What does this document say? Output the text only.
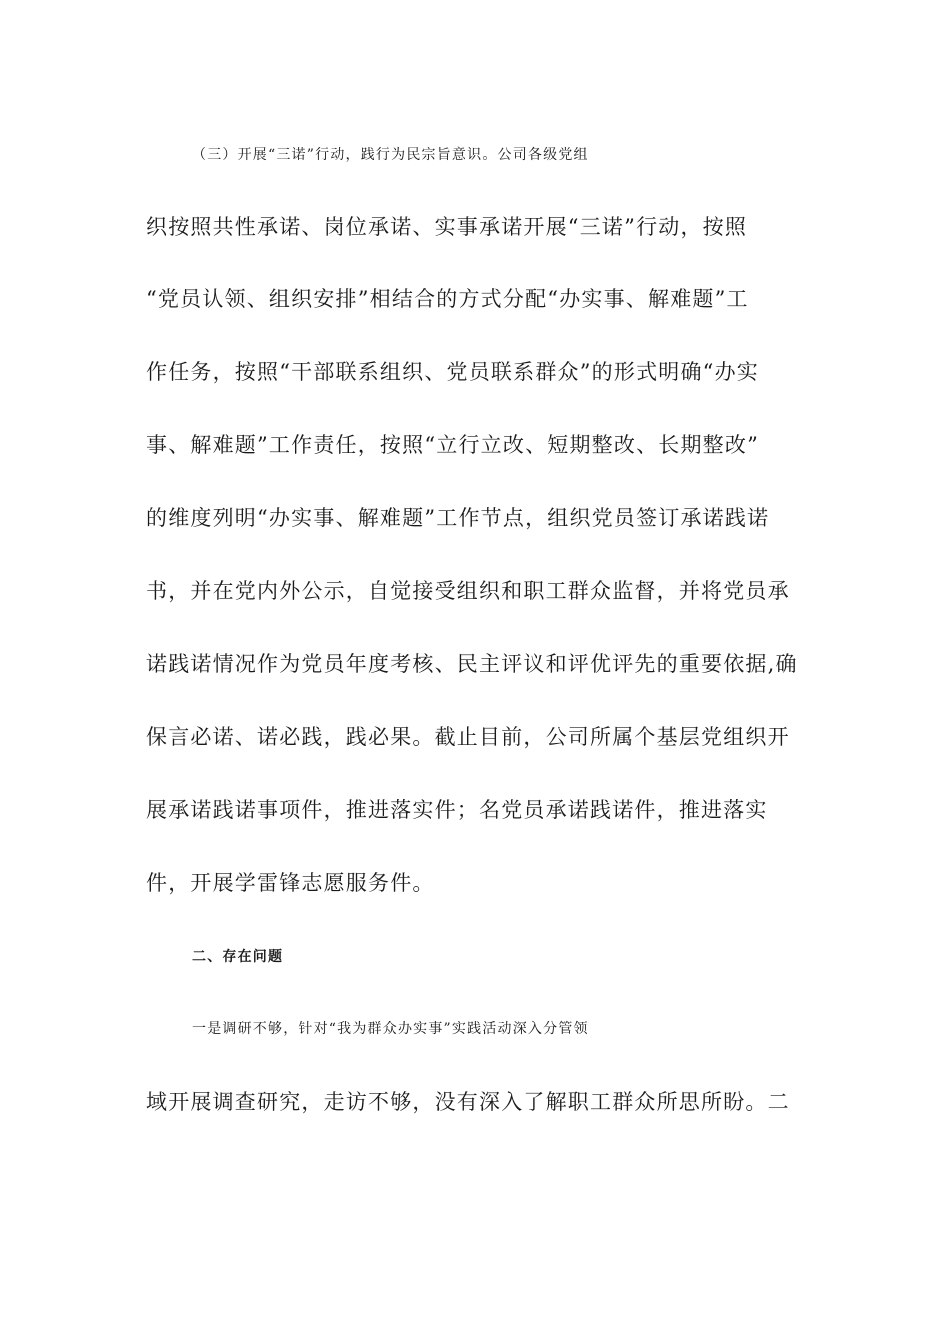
（三）开展“三诺”行动，践行为民宗旨意识。公司各级党组
织按照共性承诺、岗位承诺、实事承诺开展“三诺”行动，按照
“党员认领、组织安排”相结合的方式分配“办实事、解难题”工
作任务，按照“干部联系组织、党员联系群众”的形式明确“办实
事、解难题”工作责任，按照“立行立改、短期整改、长期整改”
的维度列明“办实事、解难题”工作节点，组织党员签订承诺践诺
书，并在党内外公示，自觉接受组织和职工群众监督，并将党员承
诺践诺情况作为党员年度考核、民主评议和评优评先的重要依据,确
保言必诺、诺必践，践必果。截止目前，公司所属个基层党组织开
展承诺践诺事项件，推进落实件；名党员承诺践诺件，推进落实
件，开展学雷锋志愿服务件。
二、存在问题
一是调研不够，针对“我为群众办实事”实践活动深入分管领
域开展调查研究，走访不够，没有深入了解职工群众所思所盼。二
